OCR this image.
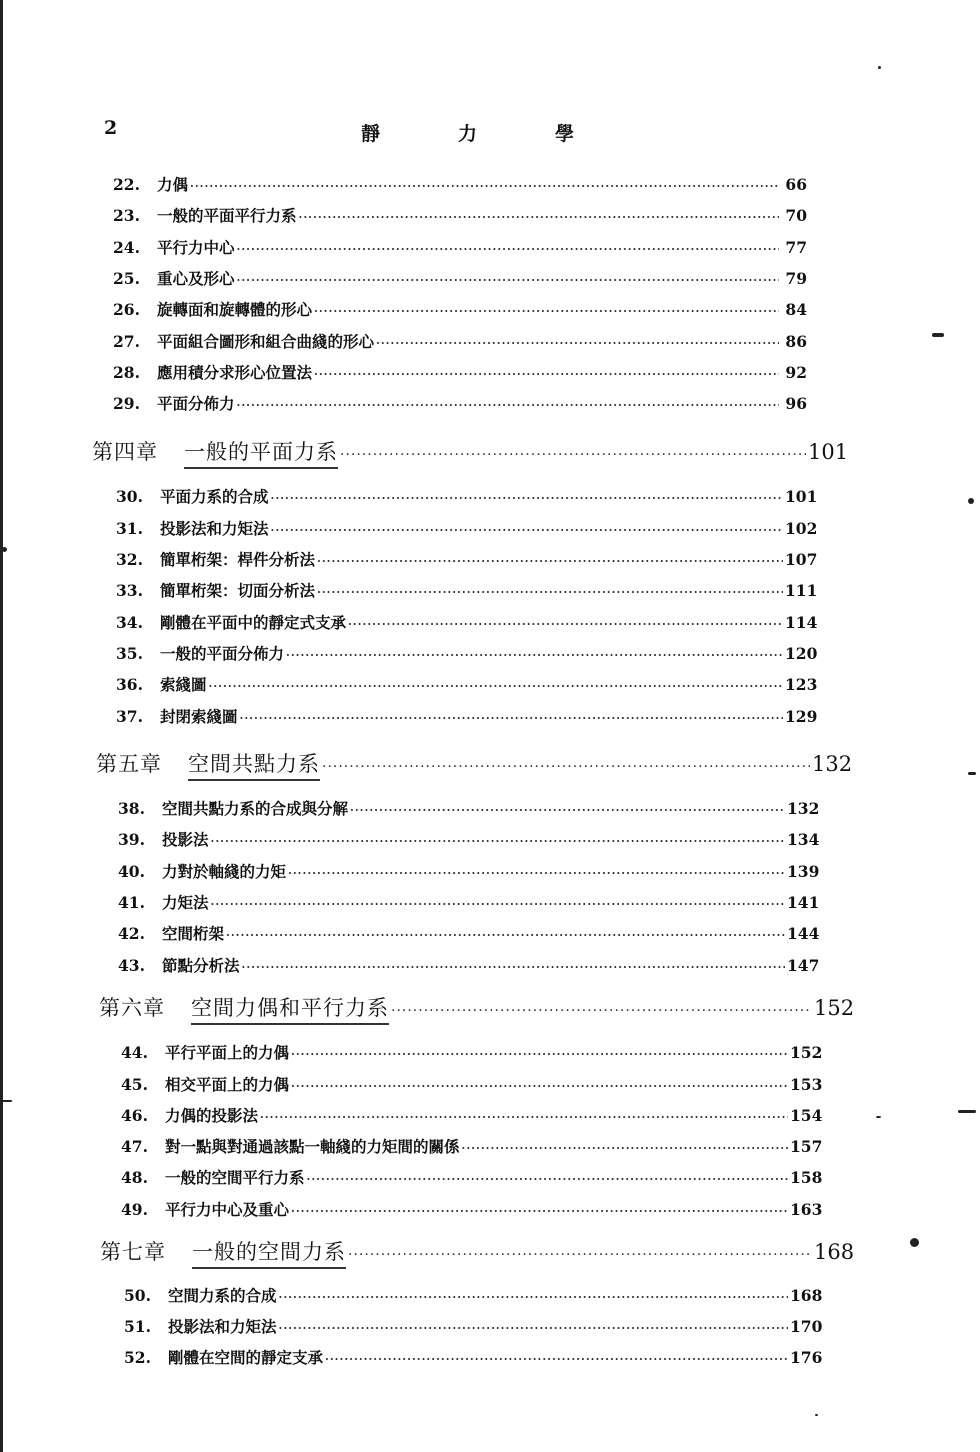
2	靜力學
22.	力偶 ·····	66
23.	一般的平面平行力系 ·····	70
24.	平行力中心 ·····	77
25.	重心及形心 ·····	79
26.	旋轉面和旋轉體的形心 ·····	84
27.	平面組合圖形和組合曲綫的形心 ·····	86
28.	應用積分求形心位置法 ·····	92
29.	平面分佈力 ·····	96
第四章 一般的平面力系 ·····	101
30.	平面力系的合成 ·····	101
31.	投影法和力矩法 ·····	102
32.	簡單桁架：桿件分析法 ·····	107
33.	簡單桁架：切面分析法 ·····	111
34.	剛體在平面中的靜定式支承 ·····	114
35.	一般的平面分佈力 ·····	120
36.	索綫圖 ·····	123
37.	封閉索綫圖 ·····	129
第五章 空間共點力系 ·····	132
38.	空間共點力系的合成與分解 ·····	132
39.	投影法 ·····	134
40.	力對於軸綫的力矩 ·····	139
41.	力矩法 ·····	141
42.	空間桁架 ·····	144
43.	節點分析法 ·····	147
第六章 空間力偶和平行力系 ·····	152
44.	平行平面上的力偶 ·····	152
45.	相交平面上的力偶 ·····	153
46.	力偶的投影法 ·····	154
47.	對一點與對通過該點一軸綫的力矩間的關係 ·····	157
48.	一般的空間平行力系 ·····	158
49.	平行力中心及重心 ·····	163
第七章 一般的空間力系 ·····	168
50.	空間力系的合成 ·····	168
51.	投影法和力矩法 ·····	170
52.	剛體在空間的靜定支承 ·····	176
